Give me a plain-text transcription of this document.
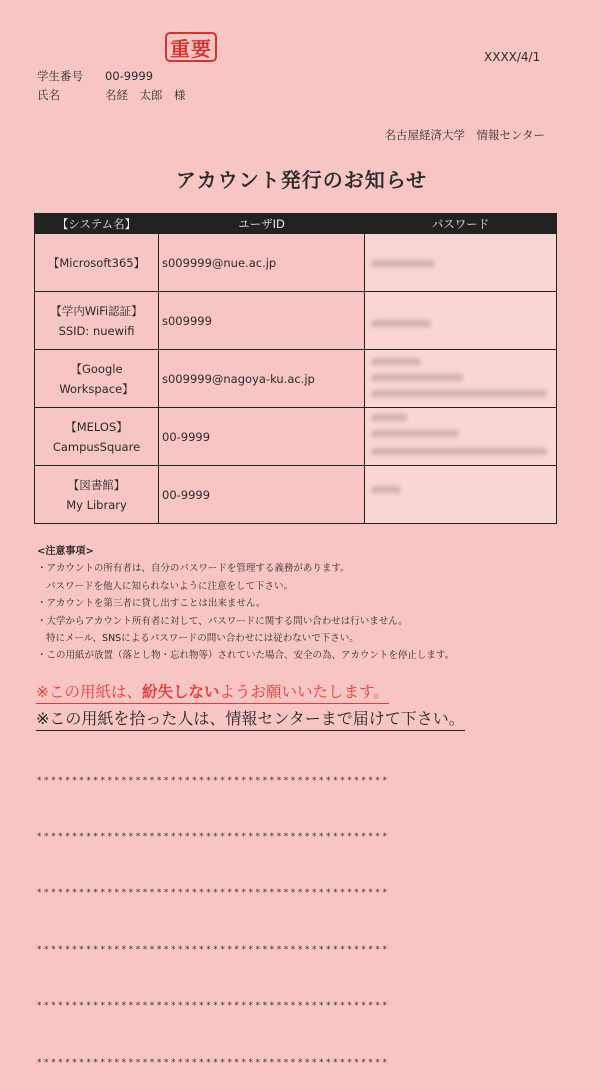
重要	XXXX/4/1
学生番号 00-9999
氏名	名経　太郎　様
名古屋経済大学　情報センター
アカウント発行のお知らせ
【システム名】	ユーザID	パスワード

【Microsoft365】	s009999@nue.ac.jp	

【学内WiFi認証】
SSID: nuewifi	s009999	

【Google Workspace】	s009999@nagoya-ku.ac.jp	

【MELOS】
CampusSquare	00-9999	

【図書館】
My Library	00-9999	
<注意事項>
・アカウントの所有者は、自分のパスワードを管理する義務があります。
パスワードを他人に知られないように注意をして下さい。
・アカウントを第三者に貸し出すことは出来ません。
・大学からアカウント所有者に対して、パスワードに関する問い合わせは行いません。
特にメール、SNSによるパスワードの問い合わせには従わないで下さい。
・この用紙が放置（落とし物・忘れ物等）されていた場合、安全の為、アカウントを停止します。
※この用紙は、紛失しないようお願いいたします。
※この用紙を拾った人は、情報センターまで届けて下さい。

**************************************************

**************************************************

**************************************************

**************************************************

**************************************************

**************************************************
